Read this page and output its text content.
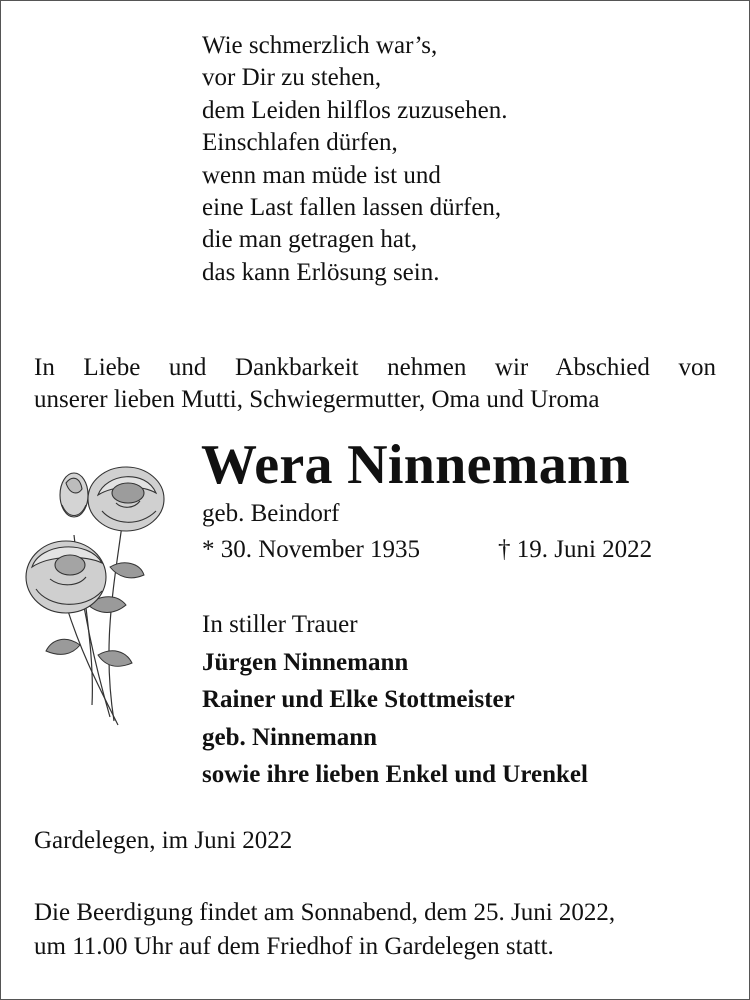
Wie schmerzlich war’s,
vor Dir zu stehen,
dem Leiden hilflos zuzusehen.
Einschlafen dürfen,
wenn man müde ist und
eine Last fallen lassen dürfen,
die man getragen hat,
das kann Erlösung sein.
In Liebe und Dankbarkeit nehmen wir Abschied von
unserer lieben Mutti, Schwiegermutter, Oma und Uroma
Wera Ninnemann
geb. Beindorf
* 30. November 1935	† 19. Juni 2022
In stiller Trauer
Jürgen Ninnemann
Rainer und Elke Stottmeister
geb. Ninnemann
sowie ihre lieben Enkel und Urenkel
Gardelegen, im Juni 2022
Die Beerdigung findet am Sonnabend, dem 25. Juni 2022,
um 11.00 Uhr auf dem Friedhof in Gardelegen statt.
